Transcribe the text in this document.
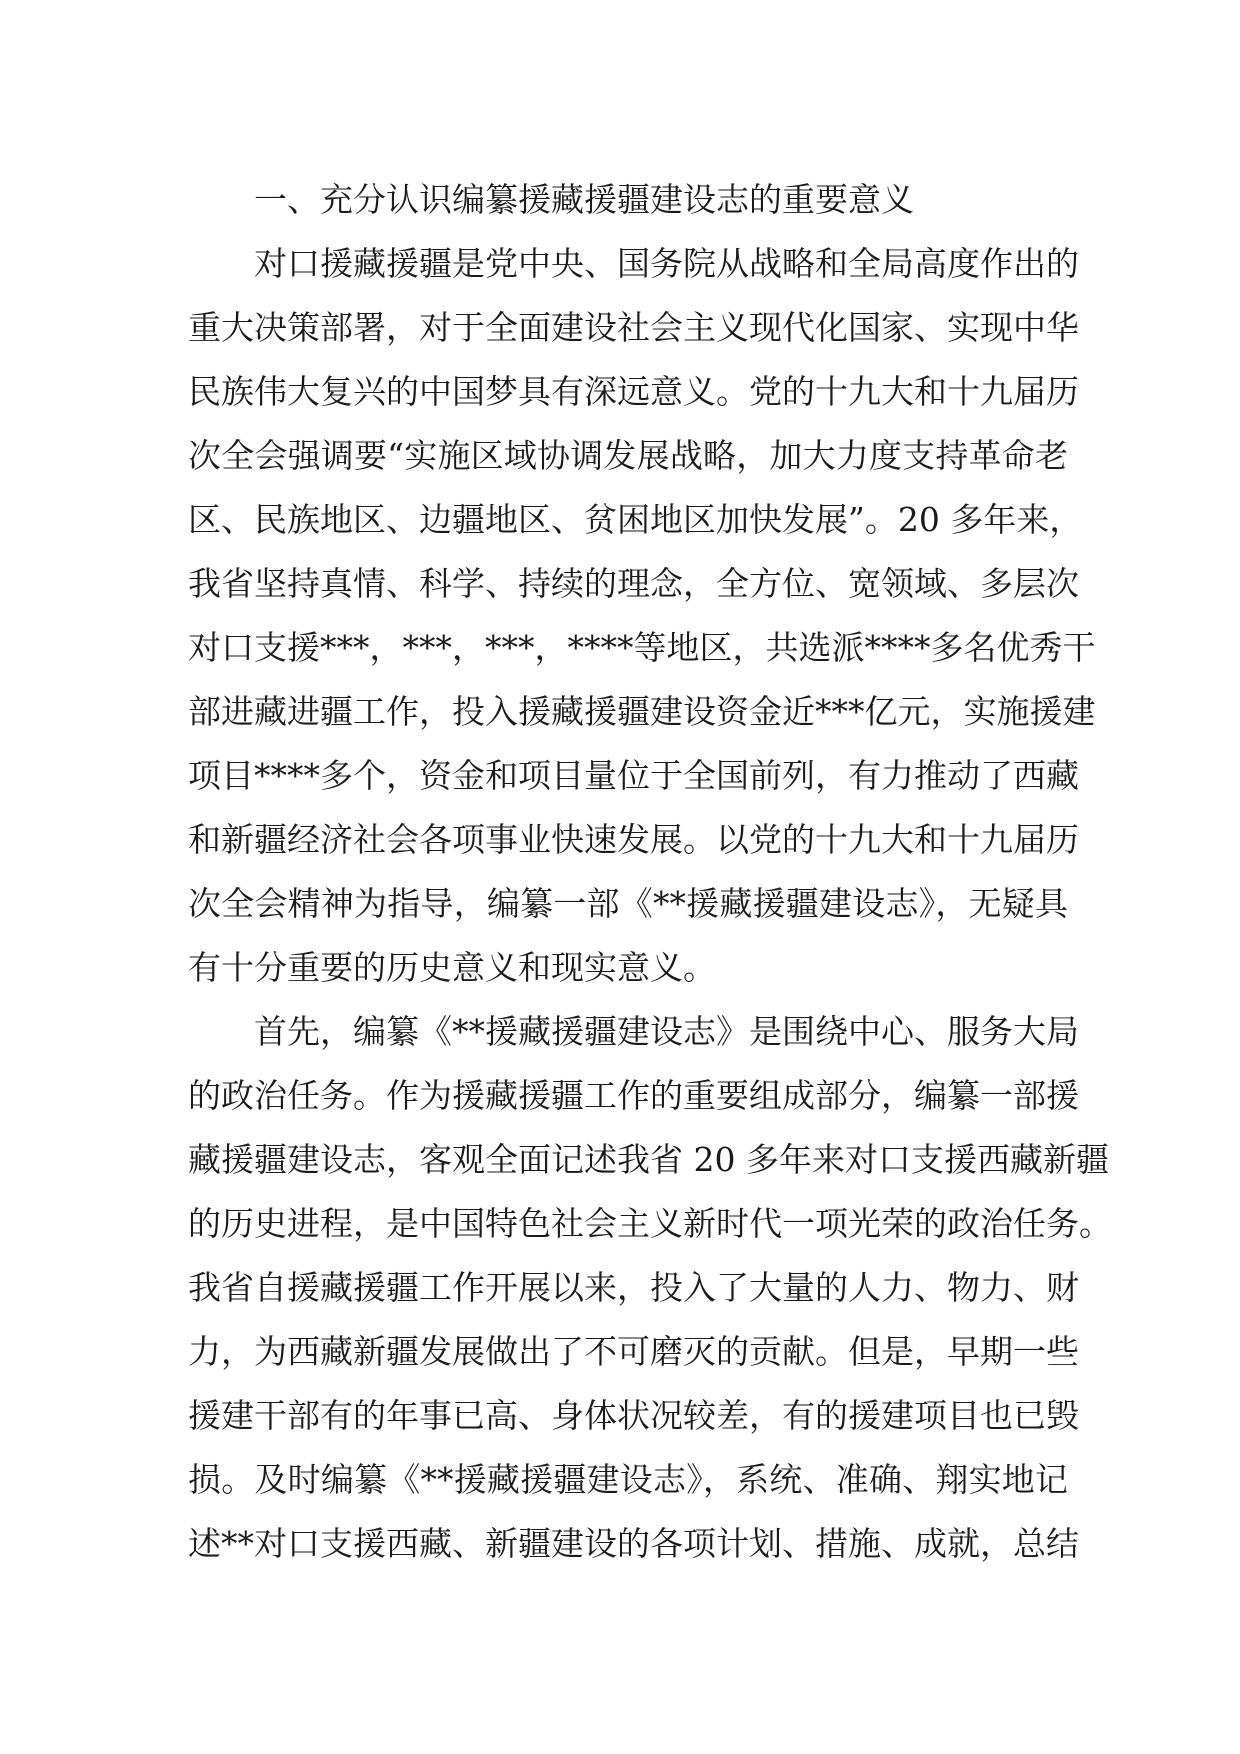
一、充分认识编纂援藏援疆建设志的重要意义
对口援藏援疆是党中央、国务院从战略和全局高度作出的
重大决策部署，对于全面建设社会主义现代化国家、实现中华
民族伟大复兴的中国梦具有深远意义。党的十九大和十九届历
次全会强调要“实施区域协调发展战略，加大力度支持革命老
区、民族地区、边疆地区、贫困地区加快发展”。20 多年来，
我省坚持真情、科学、持续的理念，全方位、宽领域、多层次
对口支援***，***，***，****等地区，共选派****多名优秀干
部进藏进疆工作，投入援藏援疆建设资金近***亿元，实施援建
项目****多个，资金和项目量位于全国前列，有力推动了西藏
和新疆经济社会各项事业快速发展。以党的十九大和十九届历
次全会精神为指导，编纂一部《**援藏援疆建设志》，无疑具
有十分重要的历史意义和现实意义。
首先，编纂《**援藏援疆建设志》是围绕中心、服务大局
的政治任务。作为援藏援疆工作的重要组成部分，编纂一部援
藏援疆建设志，客观全面记述我省 20 多年来对口支援西藏新疆
的历史进程，是中国特色社会主义新时代一项光荣的政治任务。
我省自援藏援疆工作开展以来，投入了大量的人力、物力、财
力，为西藏新疆发展做出了不可磨灭的贡献。但是，早期一些
援建干部有的年事已高、身体状况较差，有的援建项目也已毁
损。及时编纂《**援藏援疆建设志》，系统、准确、翔实地记
述**对口支援西藏、新疆建设的各项计划、措施、成就，总结
